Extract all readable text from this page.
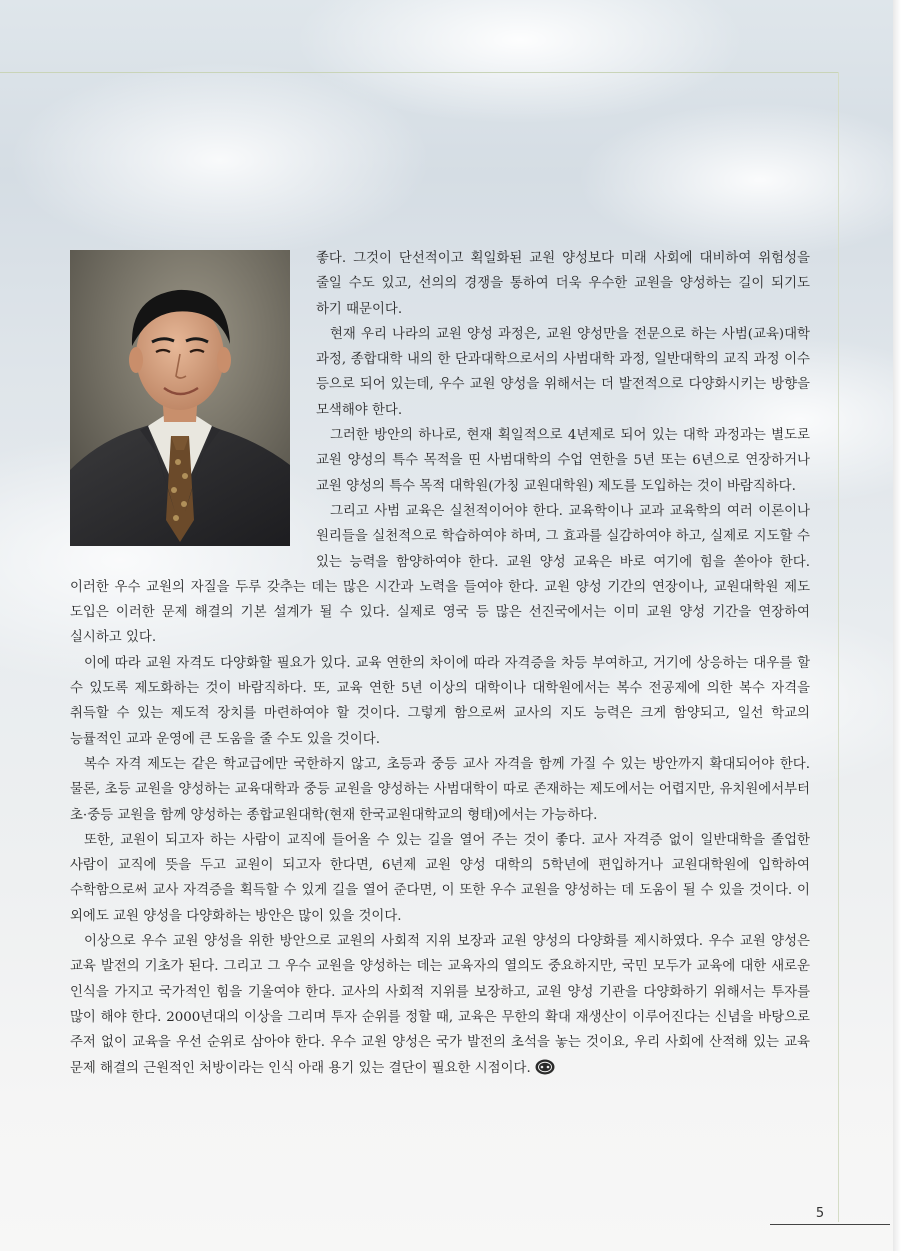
좋다. 그것이 단선적이고 획일화된 교원 양성보다 미래 사회에 대비하여 위험성을 줄일 수도 있고, 선의의 경쟁을 통하여 더욱 우수한 교원을 양성하는 길이 되기도 하기 때문이다.

현재 우리 나라의 교원 양성 과정은, 교원 양성만을 전문으로 하는 사범(교육)대학 과정, 종합대학 내의 한 단과대학으로서의 사범대학 과정, 일반대학의 교직 과정 이수 등으로 되어 있는데, 우수 교원 양성을 위해서는 더 발전적으로 다양화시키는 방향을 모색해야 한다.

그러한 방안의 하나로, 현재 획일적으로 4년제로 되어 있는 대학 과정과는 별도로 교원 양성의 특수 목적을 띤 사범대학의 수업 연한을 5년 또는 6년으로 연장하거나 교원 양성의 특수 목적 대학원(가칭 교원대학원) 제도를 도입하는 것이 바람직하다.

그리고 사범 교육은 실천적이어야 한다. 교육학이나 교과 교육학의 여러 이론이나 원리들을 실천적으로 학습하여야 하며, 그 효과를 실감하여야 하고, 실제로 지도할 수 있는 능력을 함양하여야 한다. 교원 양성 교육은 바로 여기에 힘을 쏟아야 한다. 이러한 우수 교원의 자질을 두루 갖추는 데는 많은 시간과 노력을 들여야 한다. 교원 양성 기간의 연장이나, 교원대학원 제도 도입은 이러한 문제 해결의 기본 설계가 될 수 있다. 실제로 영국 등 많은 선진국에서는 이미 교원 양성 기간을 연장하여 실시하고 있다.

이에 따라 교원 자격도 다양화할 필요가 있다. 교육 연한의 차이에 따라 자격증을 차등 부여하고, 거기에 상응하는 대우를 할 수 있도록 제도화하는 것이 바람직하다. 또, 교육 연한 5년 이상의 대학이나 대학원에서는 복수 전공제에 의한 복수 자격을 취득할 수 있는 제도적 장치를 마련하여야 할 것이다. 그렇게 함으로써 교사의 지도 능력은 크게 함양되고, 일선 학교의 능률적인 교과 운영에 큰 도움을 줄 수도 있을 것이다.

복수 자격 제도는 같은 학교급에만 국한하지 않고, 초등과 중등 교사 자격을 함께 가질 수 있는 방안까지 확대되어야 한다. 물론, 초등 교원을 양성하는 교육대학과 중등 교원을 양성하는 사범대학이 따로 존재하는 제도에서는 어렵지만, 유치원에서부터 초·중등 교원을 함께 양성하는 종합교원대학(현재 한국교원대학교의 형태)에서는 가능하다.

또한, 교원이 되고자 하는 사람이 교직에 들어올 수 있는 길을 열어 주는 것이 좋다. 교사 자격증 없이 일반대학을 졸업한 사람이 교직에 뜻을 두고 교원이 되고자 한다면, 6년제 교원 양성 대학의 5학년에 편입하거나 교원대학원에 입학하여 수학함으로써 교사 자격증을 획득할 수 있게 길을 열어 준다면, 이 또한 우수 교원을 양성하는 데 도움이 될 수 있을 것이다. 이 외에도 교원 양성을 다양화하는 방안은 많이 있을 것이다.

이상으로 우수 교원 양성을 위한 방안으로 교원의 사회적 지위 보장과 교원 양성의 다양화를 제시하였다. 우수 교원 양성은 교육 발전의 기초가 된다. 그리고 그 우수 교원을 양성하는 데는 교육자의 열의도 중요하지만, 국민 모두가 교육에 대한 새로운 인식을 가지고 국가적인 힘을 기울여야 한다. 교사의 사회적 지위를 보장하고, 교원 양성 기관을 다양화하기 위해서는 투자를 많이 해야 한다. 2000년대의 이상을 그리며 투자 순위를 정할 때, 교육은 무한의 확대 재생산이 이루어진다는 신념을 바탕으로 주저 없이 교육을 우선 순위로 삼아야 한다. 우수 교원 양성은 국가 발전의 초석을 놓는 것이요, 우리 사회에 산적해 있는 교육 문제 해결의 근원적인 처방이라는 인식 아래 용기 있는 결단이 필요한 시점이다.

5
